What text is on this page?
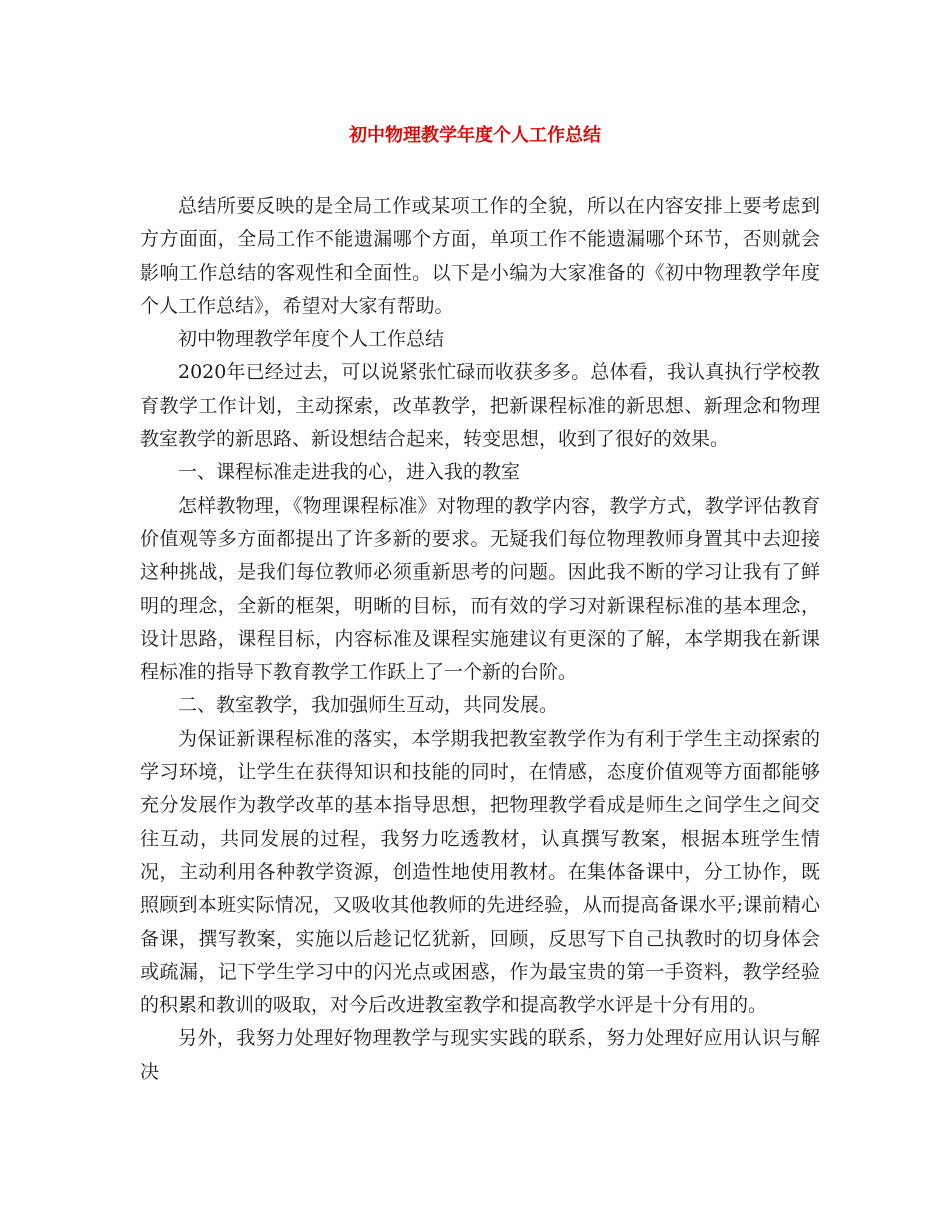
初中物理教学年度个人工作总结

总结所要反映的是全局工作或某项工作的全貌，所以在内容安排上要考虑到方方面面，全局工作不能遗漏哪个方面，单项工作不能遗漏哪个环节，否则就会影响工作总结的客观性和全面性。以下是小编为大家准备的《初中物理教学年度个人工作总结》，希望对大家有帮助。

初中物理教学年度个人工作总结

2020年已经过去，可以说紧张忙碌而收获多多。总体看，我认真执行学校教育教学工作计划，主动探索，改革教学，把新课程标准的新思想、新理念和物理教室教学的新思路、新设想结合起来，转变思想，收到了很好的效果。

一、课程标准走进我的心，进入我的教室

怎样教物理，《物理课程标准》对物理的教学内容，教学方式，教学评估教育价值观等多方面都提出了许多新的要求。无疑我们每位物理教师身置其中去迎接这种挑战，是我们每位教师必须重新思考的问题。因此我不断的学习让我有了鲜明的理念，全新的框架，明晰的目标，而有效的学习对新课程标准的基本理念，设计思路，课程目标，内容标准及课程实施建议有更深的了解，本学期我在新课程标准的指导下教育教学工作跃上了一个新的台阶。

二、教室教学，我加强师生互动，共同发展。

为保证新课程标准的落实，本学期我把教室教学作为有利于学生主动探索的学习环境，让学生在获得知识和技能的同时，在情感，态度价值观等方面都能够充分发展作为教学改革的基本指导思想，把物理教学看成是师生之间学生之间交往互动，共同发展的过程，我努力吃透教材，认真撰写教案，根据本班学生情况，主动利用各种教学资源，创造性地使用教材。在集体备课中，分工协作，既照顾到本班实际情况，又吸收其他教师的先进经验，从而提高备课水平;课前精心备课，撰写教案，实施以后趁记忆犹新，回顾，反思写下自己执教时的切身体会或疏漏，记下学生学习中的闪光点或困惑，作为最宝贵的第一手资料，教学经验的积累和教训的吸取，对今后改进教室教学和提高教学水评是十分有用的。

另外，我努力处理好物理教学与现实实践的联系，努力处理好应用认识与解决
